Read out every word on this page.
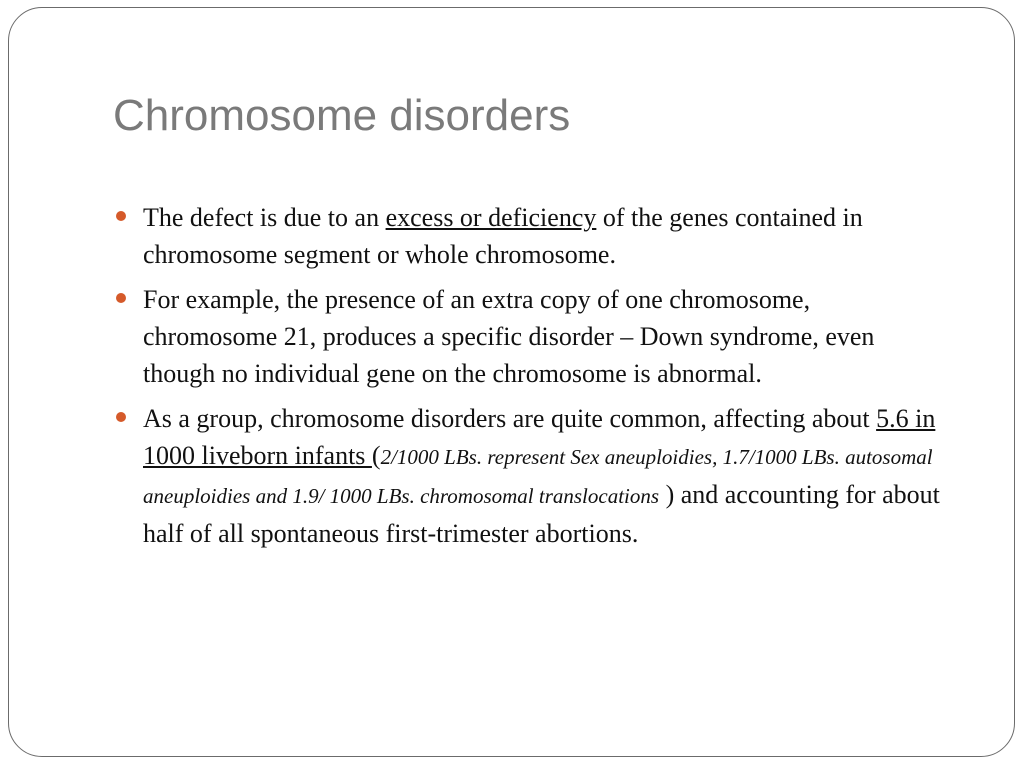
Chromosome disorders
The defect is due to an excess or deficiency of the genes contained in chromosome segment or whole chromosome.
For example, the presence of an extra copy of one chromosome, chromosome 21, produces a specific disorder – Down syndrome, even though no individual gene on the chromosome is abnormal.
As a group, chromosome disorders are quite common, affecting about 5.6 in 1000 liveborn infants (2/1000 LBs. represent Sex aneuploidies, 1.7/1000 LBs. autosomal aneuploidies and 1.9/ 1000 LBs. chromosomal translocations ) and accounting for about half of all spontaneous first-trimester abortions.
